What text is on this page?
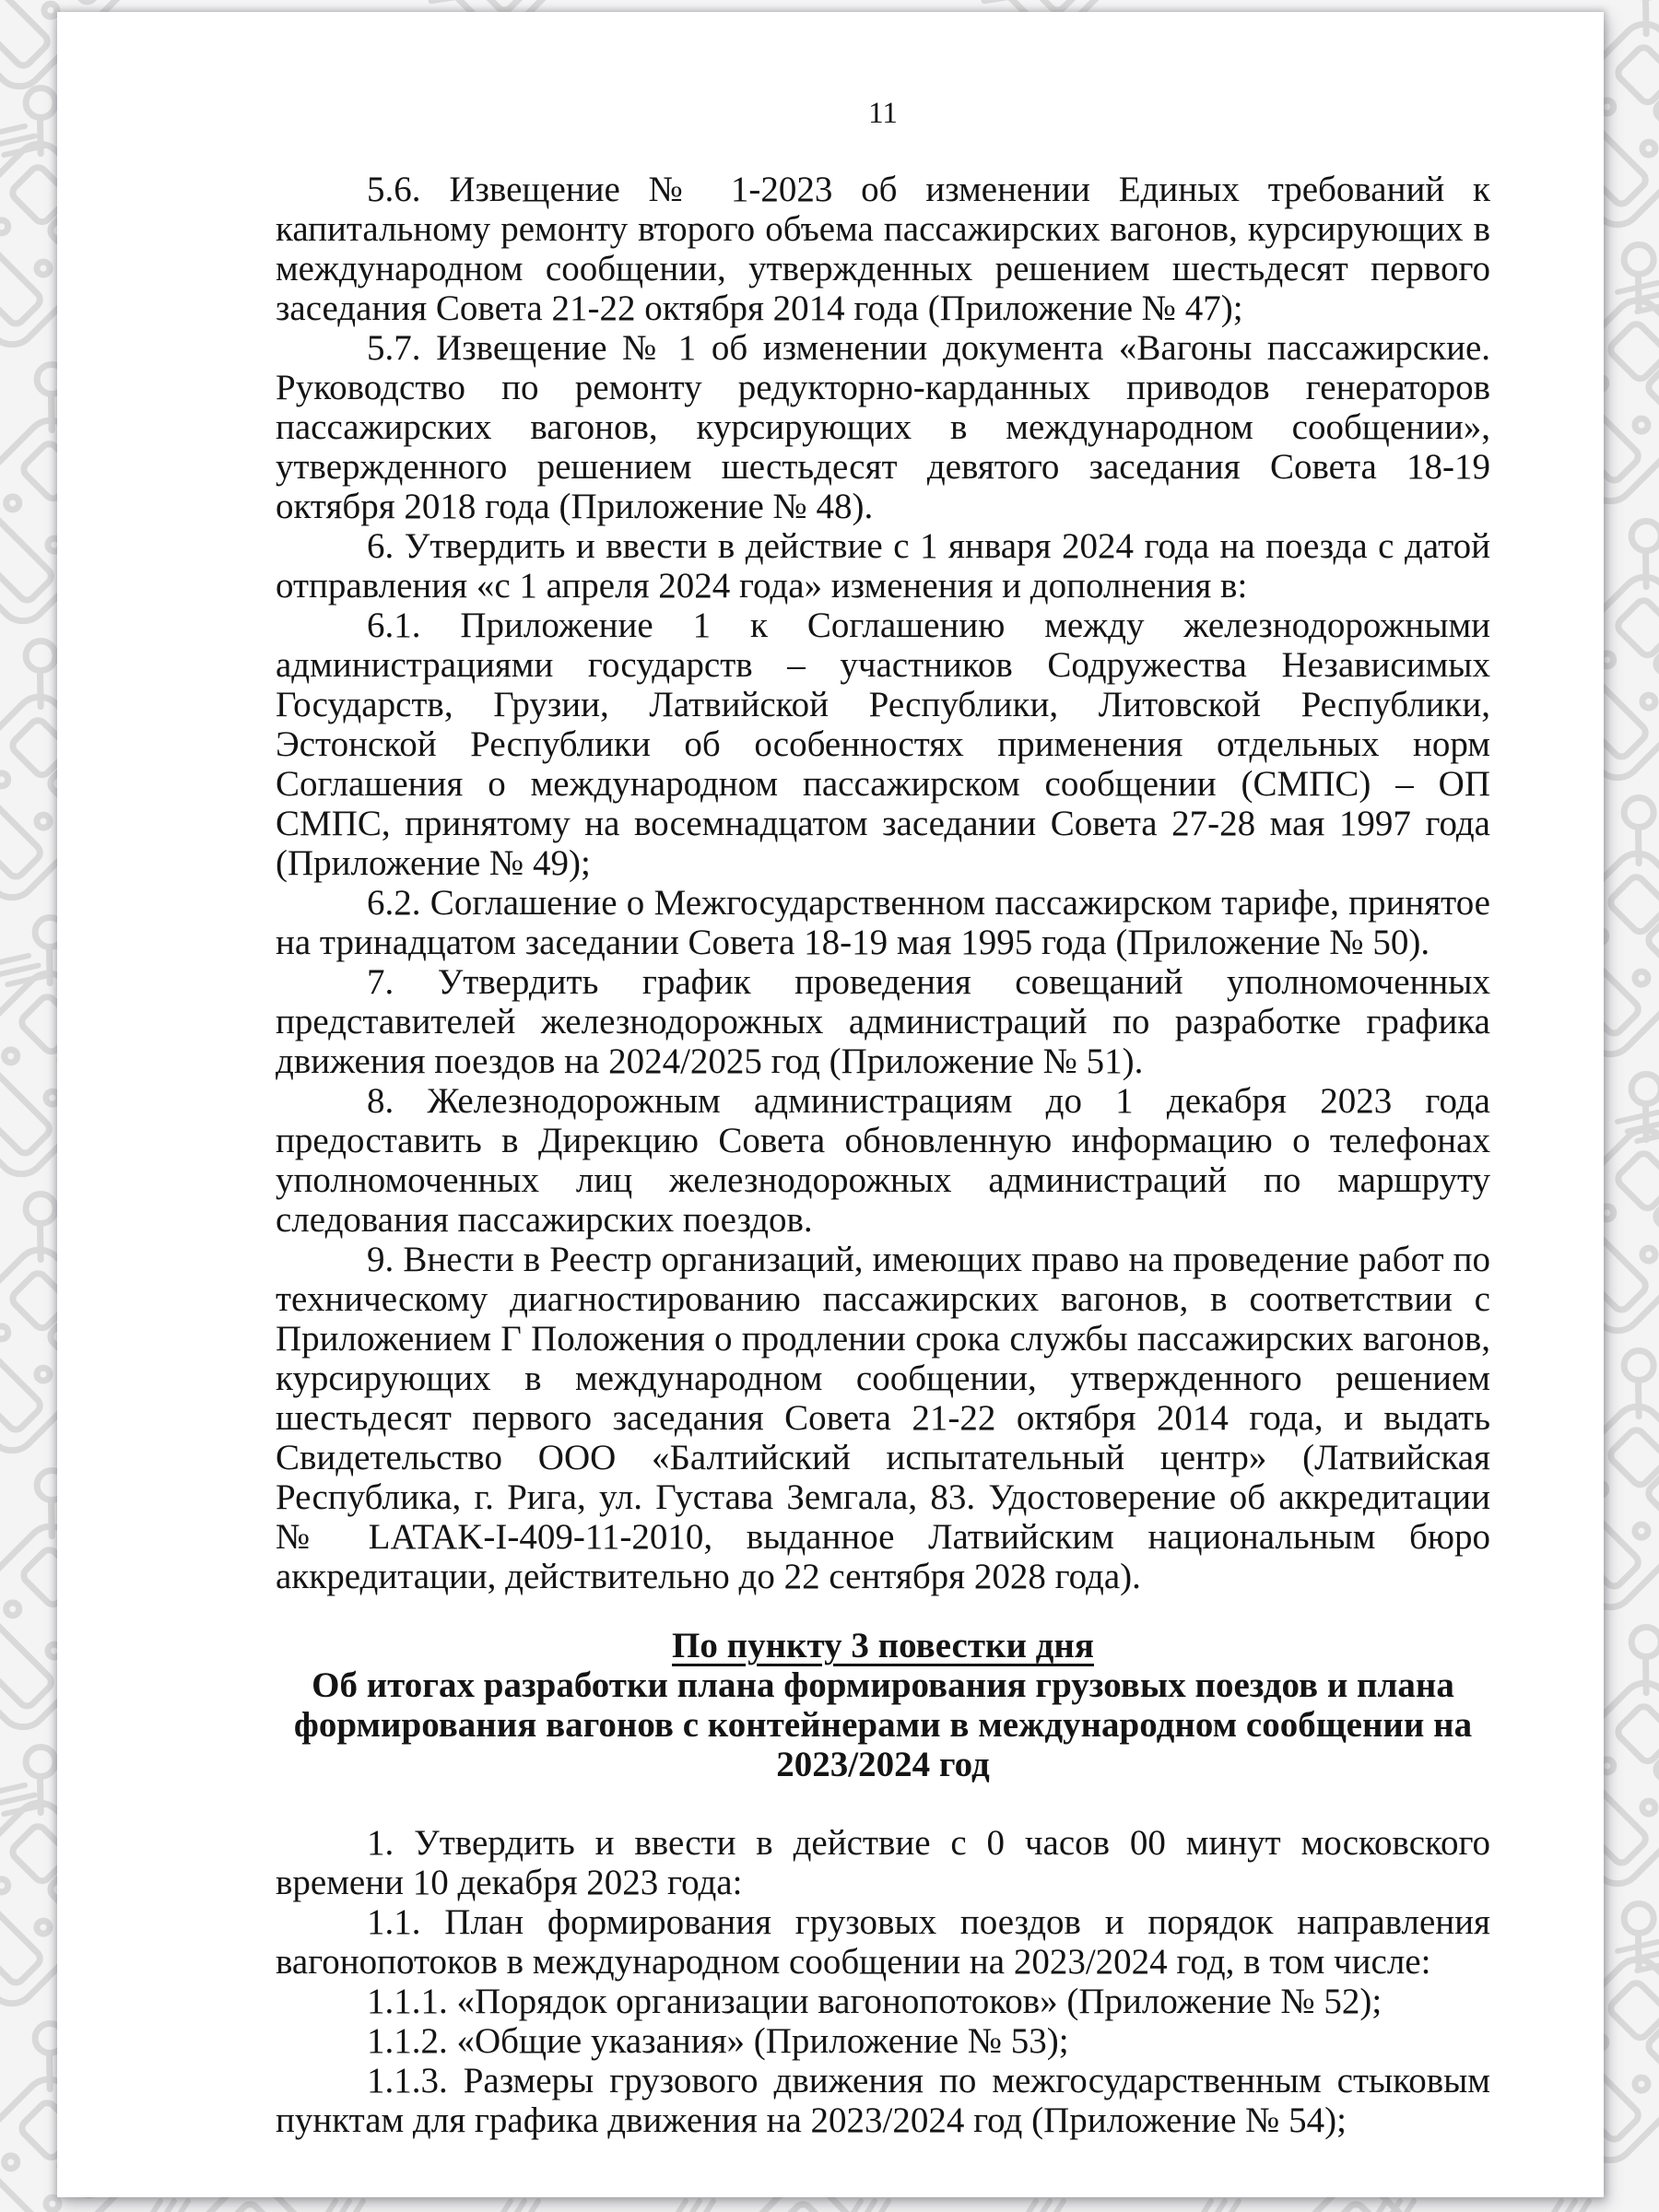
11

5.6. Извещение № 1-2023 об изменении Единых требований к капитальному ремонту второго объема пассажирских вагонов, курсирующих в международном сообщении, утвержденных решением шестьдесят первого заседания Совета 21-22 октября 2014 года (Приложение № 47);

5.7. Извещение № 1 об изменении документа «Вагоны пассажирские. Руководство по ремонту редукторно-карданных приводов генераторов пассажирских вагонов, курсирующих в международном сообщении», утвержденного решением шестьдесят девятого заседания Совета 18-19 октября 2018 года (Приложение № 48).

6. Утвердить и ввести в действие с 1 января 2024 года на поезда с датой отправления «с 1 апреля 2024 года» изменения и дополнения в:

6.1. Приложение 1 к Соглашению между железнодорожными администрациями государств – участников Содружества Независимых Государств, Грузии, Латвийской Республики, Литовской Республики, Эстонской Республики об особенностях применения отдельных норм Соглашения о международном пассажирском сообщении (СМПС) – ОП СМПС, принятому на восемнадцатом заседании Совета 27-28 мая 1997 года (Приложение № 49);

6.2. Соглашение о Межгосударственном пассажирском тарифе, принятое на тринадцатом заседании Совета 18-19 мая 1995 года (Приложение № 50).

7. Утвердить график проведения совещаний уполномоченных представителей железнодорожных администраций по разработке графика движения поездов на 2024/2025 год (Приложение № 51).

8. Железнодорожным администрациям до 1 декабря 2023 года предоставить в Дирекцию Совета обновленную информацию о телефонах уполномоченных лиц железнодорожных администраций по маршруту следования пассажирских поездов.

9. Внести в Реестр организаций, имеющих право на проведение работ по техническому диагностированию пассажирских вагонов, в соответствии с Приложением Г Положения о продлении срока службы пассажирских вагонов, курсирующих в международном сообщении, утвержденного решением шестьдесят первого заседания Совета 21-22 октября 2014 года, и выдать Свидетельство ООО «Балтийский испытательный центр» (Латвийская Республика, г. Рига, ул. Густава Земгала, 83. Удостоверение об аккредитации № LATAK-I-409-11-2010, выданное Латвийским национальным бюро аккредитации, действительно до 22 сентября 2028 года).

По пункту 3 повестки дня
Об итогах разработки плана формирования грузовых поездов и плана
формирования вагонов с контейнерами в международном сообщении на
2023/2024 год

1. Утвердить и ввести в действие с 0 часов 00 минут московского времени 10 декабря 2023 года:

1.1. План формирования грузовых поездов и порядок направления вагонопотоков в международном сообщении на 2023/2024 год, в том числе:

1.1.1. «Порядок организации вагонопотоков» (Приложение № 52);

1.1.2. «Общие указания» (Приложение № 53);

1.1.3. Размеры грузового движения по межгосударственным стыковым пунктам для графика движения на 2023/2024 год (Приложение № 54);
